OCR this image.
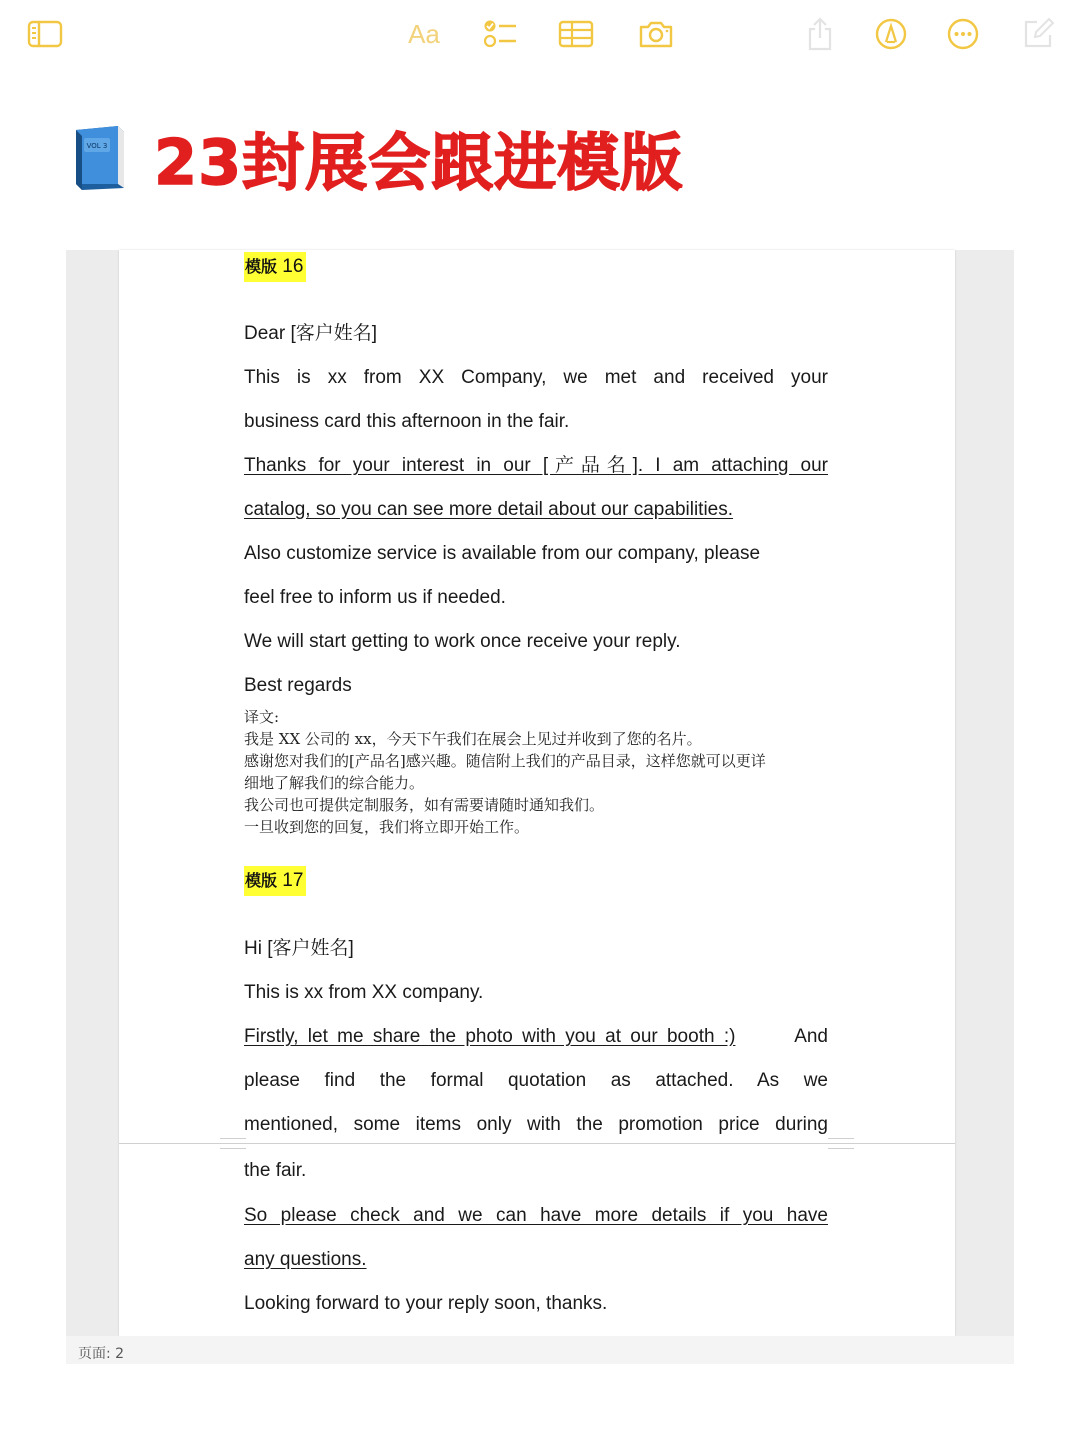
Aa
VOL 3 23封展会跟进模版
模版 16
Dear [客户姓名]
This is xx from XX Company, we met and received your
business card this afternoon in the fair.
Thanks for your interest in our [产品名]. I am attaching our
catalog, so you can see more detail about our capabilities.
Also customize service is available from our company, please
feel free to inform us if needed.
We will start getting to work once receive your reply.
Best regards
译文:
我是 XX 公司的 xx，今天下午我们在展会上见过并收到了您的名片。
感谢您对我们的[产品名]感兴趣。随信附上我们的产品目录，这样您就可以更详
细地了解我们的综合能力。
我公司也可提供定制服务，如有需要请随时通知我们。
一旦收到您的回复，我们将立即开始工作。
模版 17
Hi [客户姓名]
This is xx from XX company.
Firstly, let me share the photo with you at our booth :)	And
please find the formal quotation as attached. As we
mentioned, some items only with the promotion price during
the fair.
So please check and we can have more details if you have
any questions.
Looking forward to your reply soon, thanks.
页面: 2
